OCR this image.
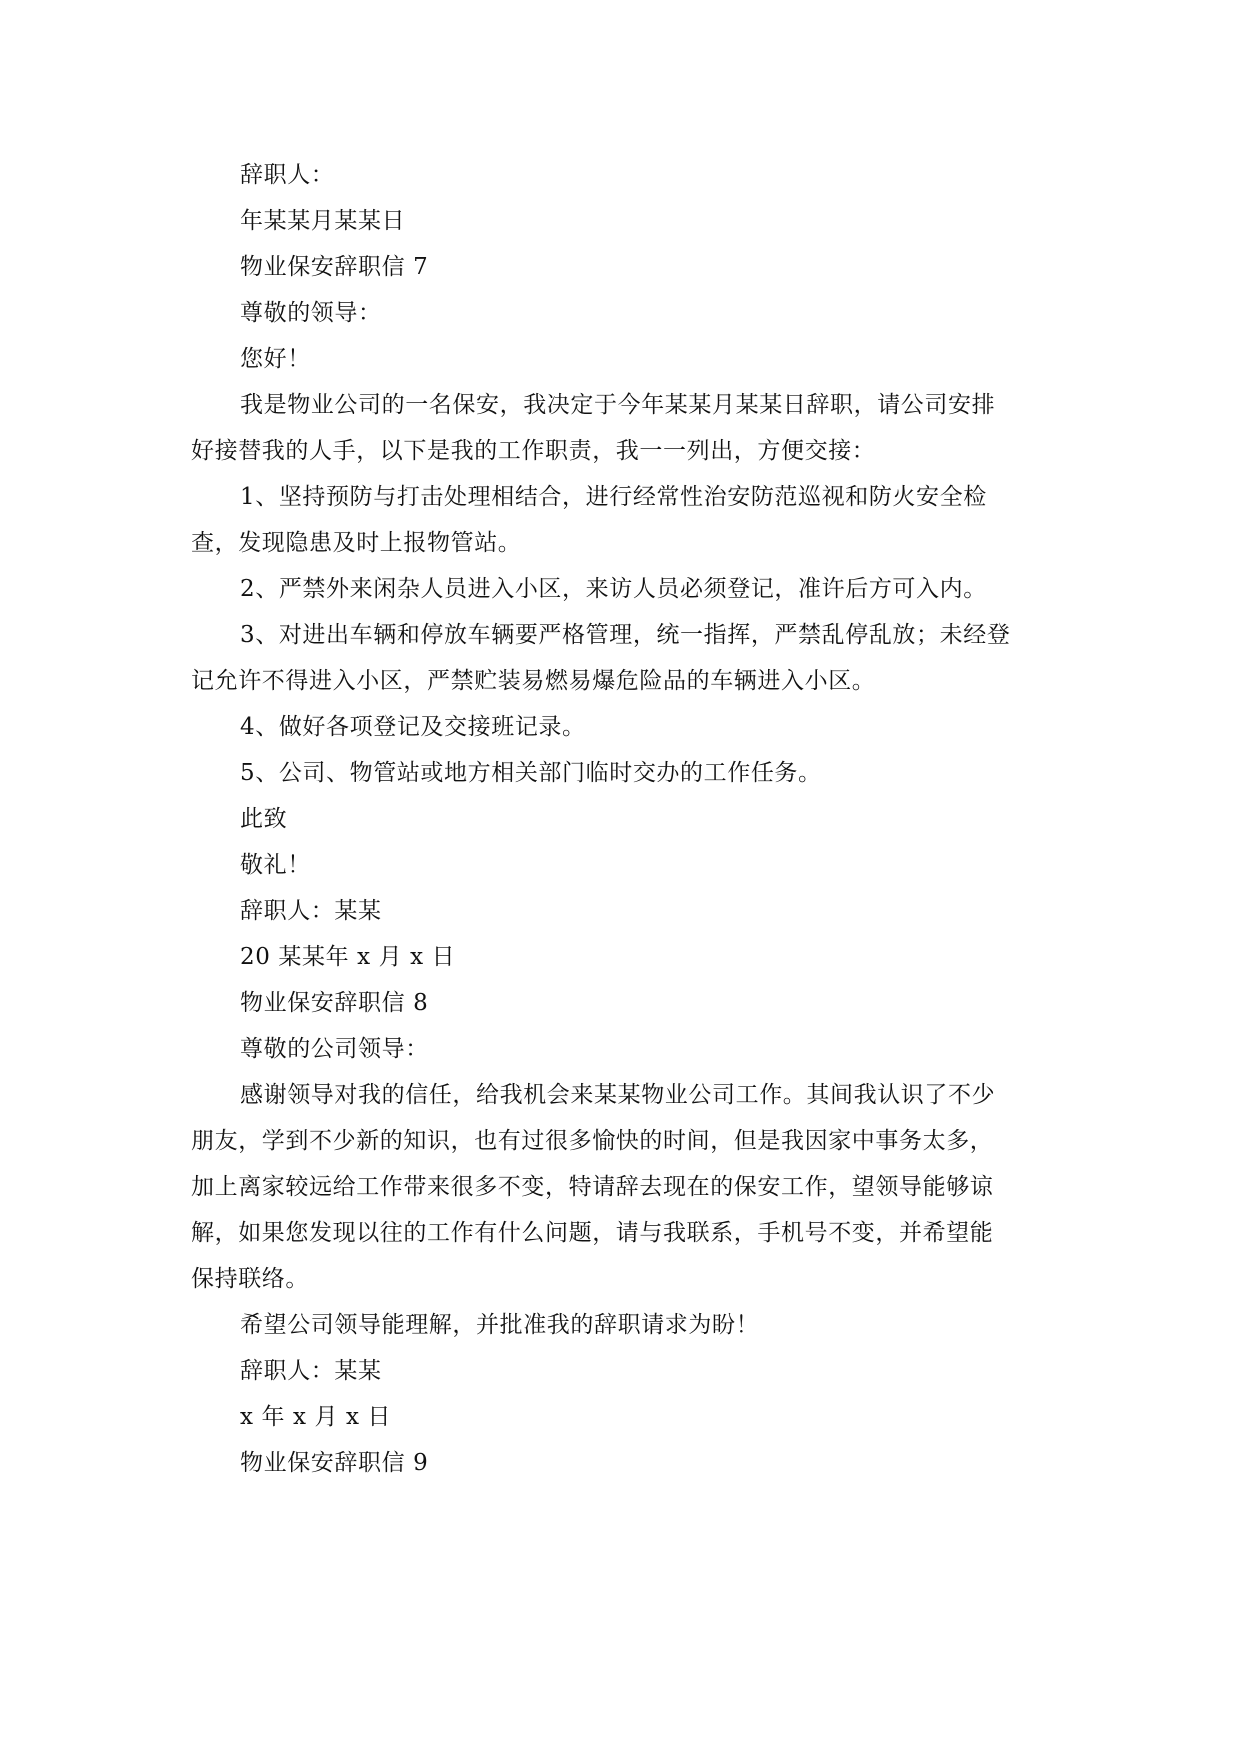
辞职人：
年某某月某某日
物业保安辞职信 7
尊敬的领导：
您好！
我是物业公司的一名保安，我决定于今年某某月某某日辞职，请公司安排
好接替我的人手，以下是我的工作职责，我一一列出，方便交接：
1、坚持预防与打击处理相结合，进行经常性治安防范巡视和防火安全检
查，发现隐患及时上报物管站。
2、严禁外来闲杂人员进入小区，来访人员必须登记，准许后方可入内。
3、对进出车辆和停放车辆要严格管理，统一指挥，严禁乱停乱放；未经登
记允许不得进入小区，严禁贮装易燃易爆危险品的车辆进入小区。
4、做好各项登记及交接班记录。
5、公司、物管站或地方相关部门临时交办的工作任务。
此致
敬礼！
辞职人：某某
20 某某年 x 月 x 日
物业保安辞职信 8
尊敬的公司领导：
感谢领导对我的信任，给我机会来某某物业公司工作。其间我认识了不少
朋友，学到不少新的知识，也有过很多愉快的时间，但是我因家中事务太多，
加上离家较远给工作带来很多不变，特请辞去现在的保安工作，望领导能够谅
解，如果您发现以往的工作有什么问题，请与我联系，手机号不变，并希望能
保持联络。
希望公司领导能理解，并批准我的辞职请求为盼！
辞职人：某某
x 年 x 月 x 日
物业保安辞职信 9
